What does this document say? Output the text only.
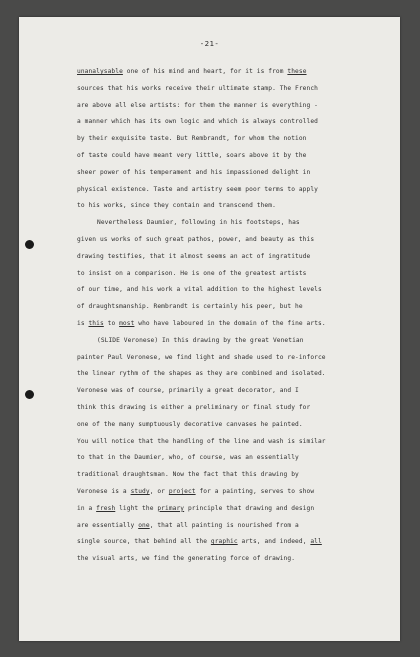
-21-
unanalysable one of his mind and heart, for it is from these
sources that his works receive their ultimate stamp. The French
are above all else artists: for them the manner is everything -
a manner which has its own logic and which is always controlled
by their exquisite taste. But Rembrandt, for whom the notion
of taste could have meant very little, soars above it by the
sheer power of his temperament and his impassioned delight in
physical existence. Taste and artistry seem poor terms to apply
to his works, since they contain and transcend them.
Nevertheless Daumier, following in his footsteps, has
given us works of such great pathos, power, and beauty as this
drawing testifies, that it almost seems an act of ingratitude
to insist on a comparison. He is one of the greatest artists
of our time, and his work a vital addition to the highest levels
of draughtsmanship. Rembrandt is certainly his peer, but he
is this to most who have laboured in the domain of the fine arts.
(SLIDE Veronese) In this drawing by the great Venetian
painter Paul Veronese, we find light and shade used to re-inforce
the linear rythm of the shapes as they are combined and isolated.
Veronese was of course, primarily a great decorator, and I
think this drawing is either a preliminary or final study for
one of the many sumptuously decorative canvases he painted.
You will notice that the handling of the line and wash is similar
to that in the Daumier, who, of course, was an essentially
traditional draughtsman. Now the fact that this drawing by
Veronese is a study, or project for a painting, serves to show
in a fresh light the primary principle that drawing and design
are essentially one, that all painting is nourished from a
single source, that behind all the graphic arts, and indeed, all
the visual arts, we find the generating force of drawing.
